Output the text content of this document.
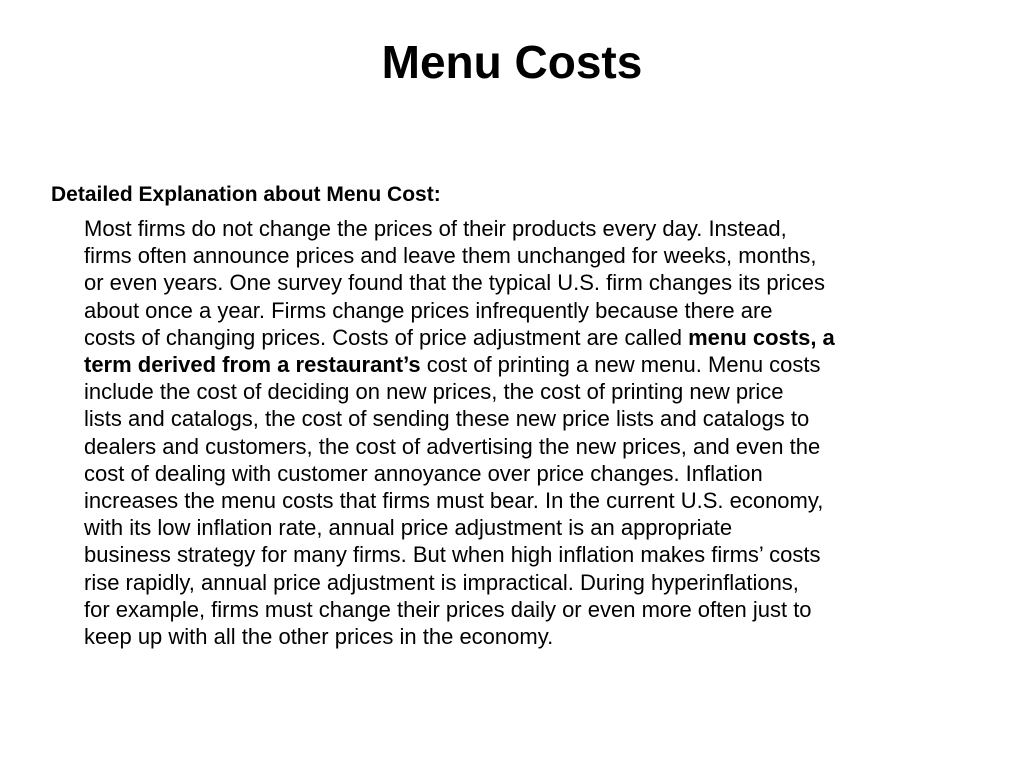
Menu Costs
Detailed Explanation about Menu Cost:
Most firms do not change the prices of their products every day. Instead,
firms often announce prices and leave them unchanged for weeks, months,
or even years. One survey found that the typical U.S. firm changes its prices
about once a year. Firms change prices infrequently because there are
costs of changing prices. Costs of price adjustment are called menu costs, a
term derived from a restaurant’s cost of printing a new menu. Menu costs
include the cost of deciding on new prices, the cost of printing new price
lists and catalogs, the cost of sending these new price lists and catalogs to
dealers and customers, the cost of advertising the new prices, and even the
cost of dealing with customer annoyance over price changes. Inflation
increases the menu costs that firms must bear. In the current U.S. economy,
with its low inflation rate, annual price adjustment is an appropriate
business strategy for many firms. But when high inflation makes firms’ costs
rise rapidly, annual price adjustment is impractical. During hyperinflations,
for example, firms must change their prices daily or even more often just to
keep up with all the other prices in the economy.
